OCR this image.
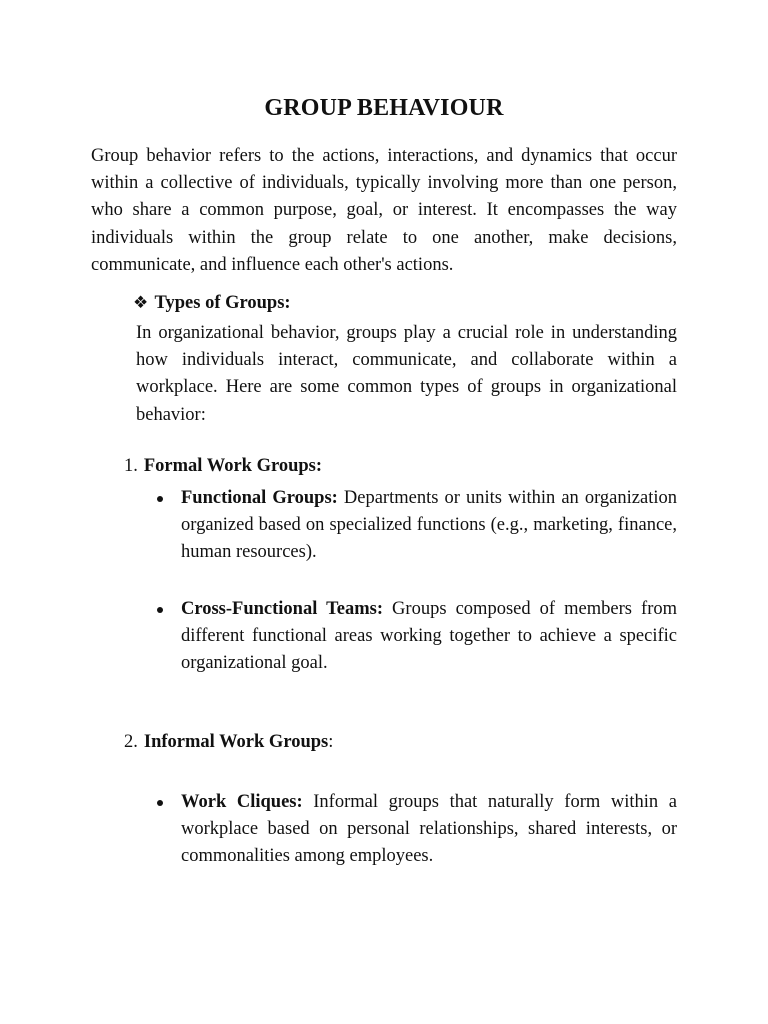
GROUP BEHAVIOUR

Group behavior refers to the actions, interactions, and dynamics that occur within a collective of individuals, typically involving more than one person, who share a common purpose, goal, or interest. It encompasses the way individuals within the group relate to one another, make decisions, communicate, and influence each other's actions.

❖ Types of Groups:

In organizational behavior, groups play a crucial role in understanding how individuals interact, communicate, and collaborate within a workplace. Here are some common types of groups in organizational behavior:

1. Formal Work Groups:

Functional Groups: Departments or units within an organization organized based on specialized functions (e.g., marketing, finance, human resources).

Cross-Functional Teams: Groups composed of members from different functional areas working together to achieve a specific organizational goal.

2. Informal Work Groups:

Work Cliques: Informal groups that naturally form within a workplace based on personal relationships, shared interests, or commonalities among employees.
